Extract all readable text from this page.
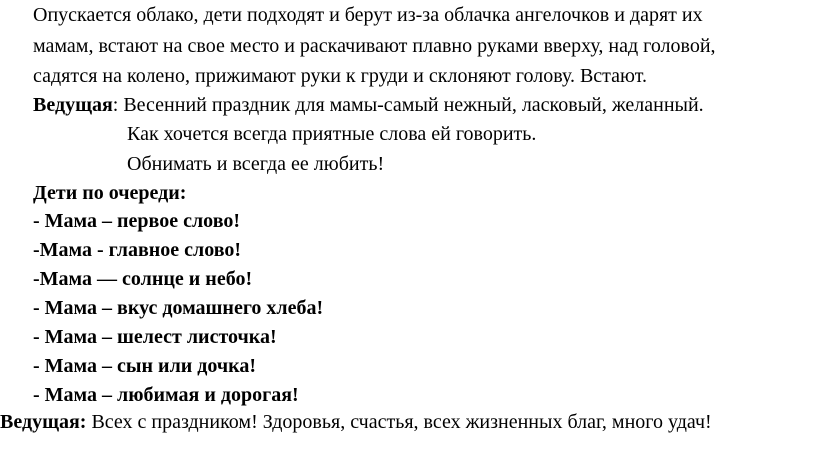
Опускается облако, дети подходят и берут из-за облачка ангелочков и дарят их
мамам, встают на свое место и раскачивают плавно руками вверху, над головой,
садятся на колено, прижимают руки к груди и склоняют голову. Встают.
Ведущая: Весенний праздник для мамы-самый нежный, ласковый, желанный.
Как хочется всегда приятные слова ей говорить.
Обнимать и всегда ее любить!
Дети по очереди:
- Мама – первое слово!
-Мама - главное слово!
-Мама — солнце и небо!
- Мама – вкус домашнего хлеба!
- Мама – шелест листочка!
- Мама – сын или дочка!
- Мама – любимая и дорогая!
Ведущая: Всех с праздником! Здоровья, счастья, всех жизненных благ, много удач!
